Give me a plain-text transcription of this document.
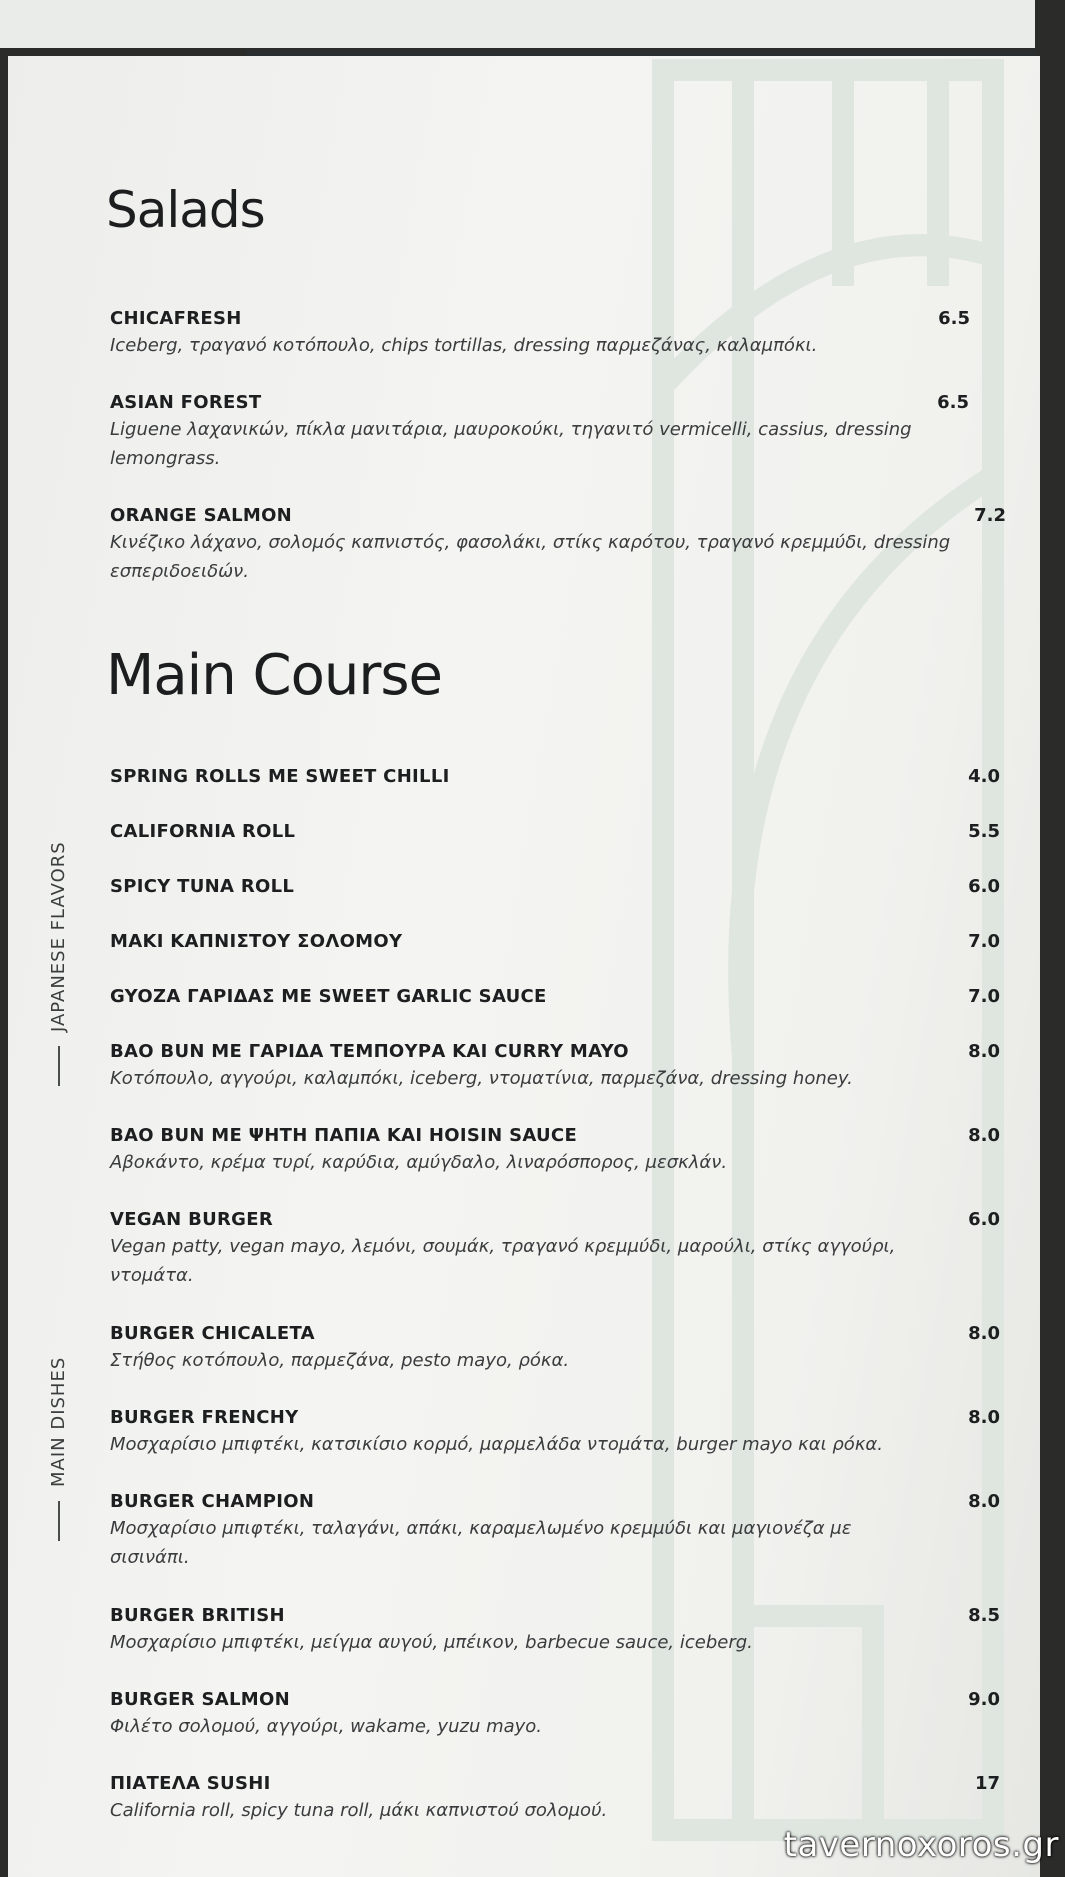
Salads
Main Course
JAPANESE FLAVORS
MAIN DISHES
CHICAFRESH	6.5
Iceberg, τραγανό κοτόπουλο, chips tortillas, dressing παρμεζάνας, καλαμπόκι.
ASIAN FOREST	6.5
Liguene λαχανικών, πίκλα μανιτάρια, μαυροκούκι, τηγανιτό vermicelli, cassius, dressing lemongrass.
ORANGE SALMON	7.2
Κινέζικο λάχανο, σολομός καπνιστός, φασολάκι, στίκς καρότου, τραγανό κρεμμύδι, dressing εσπεριδοειδών.
SPRING ROLLS ME SWEET CHILLI	4.0
CALIFORNIA ROLL	5.5
SPICY TUNA ROLL	6.0
ΜΑΚΙ ΚΑΠΝΙΣΤΟΥ ΣΟΛΟΜΟΥ	7.0
GYOZA ΓΑΡΙΔΑΣ ΜΕ SWEET GARLIC SAUCE	7.0
BAO BUN ΜΕ ΓΑΡΙΔΑ ΤΕΜΠΟΥΡΑ ΚΑΙ CURRY MAYO	8.0
Κοτόπουλο, αγγούρι, καλαμπόκι, iceberg, ντοματίνια, παρμεζάνα, dressing honey.
BAO BUN ΜΕ ΨΗΤΗ ΠΑΠΙΑ ΚΑΙ HOISIN SAUCE	8.0
Αβοκάντο, κρέμα τυρί, καρύδια, αμύγδαλο, λιναρόσπορος, μεσκλάν.
VEGAN BURGER	6.0
Vegan patty, vegan mayo, λεμόνι, σουμάκ, τραγανό κρεμμύδι, μαρούλι, στίκς αγγούρι, ντομάτα.
BURGER CHICALETA	8.0
Στήθος κοτόπουλο, παρμεζάνα, pesto mayo, ρόκα.
BURGER FRENCHY	8.0
Μοσχαρίσιο μπιφτέκι, κατσικίσιο κορμό, μαρμελάδα ντομάτα, burger mayo και ρόκα.
BURGER CHAMPION	8.0
Μοσχαρίσιο μπιφτέκι, ταλαγάνι, απάκι, καραμελωμένο κρεμμύδι και μαγιονέζα με σισινάπι.
BURGER BRITISH	8.5
Μοσχαρίσιο μπιφτέκι, μείγμα αυγού, μπέικον, barbecue sauce, iceberg.
BURGER SALMON	9.0
Φιλέτο σολομού, αγγούρι, wakame, yuzu mayo.
ΠΙΑΤΕΛΑ SUSHI	17
California roll, spicy tuna roll, μάκι καπνιστού σολομού.
tavernoxoros.gr
